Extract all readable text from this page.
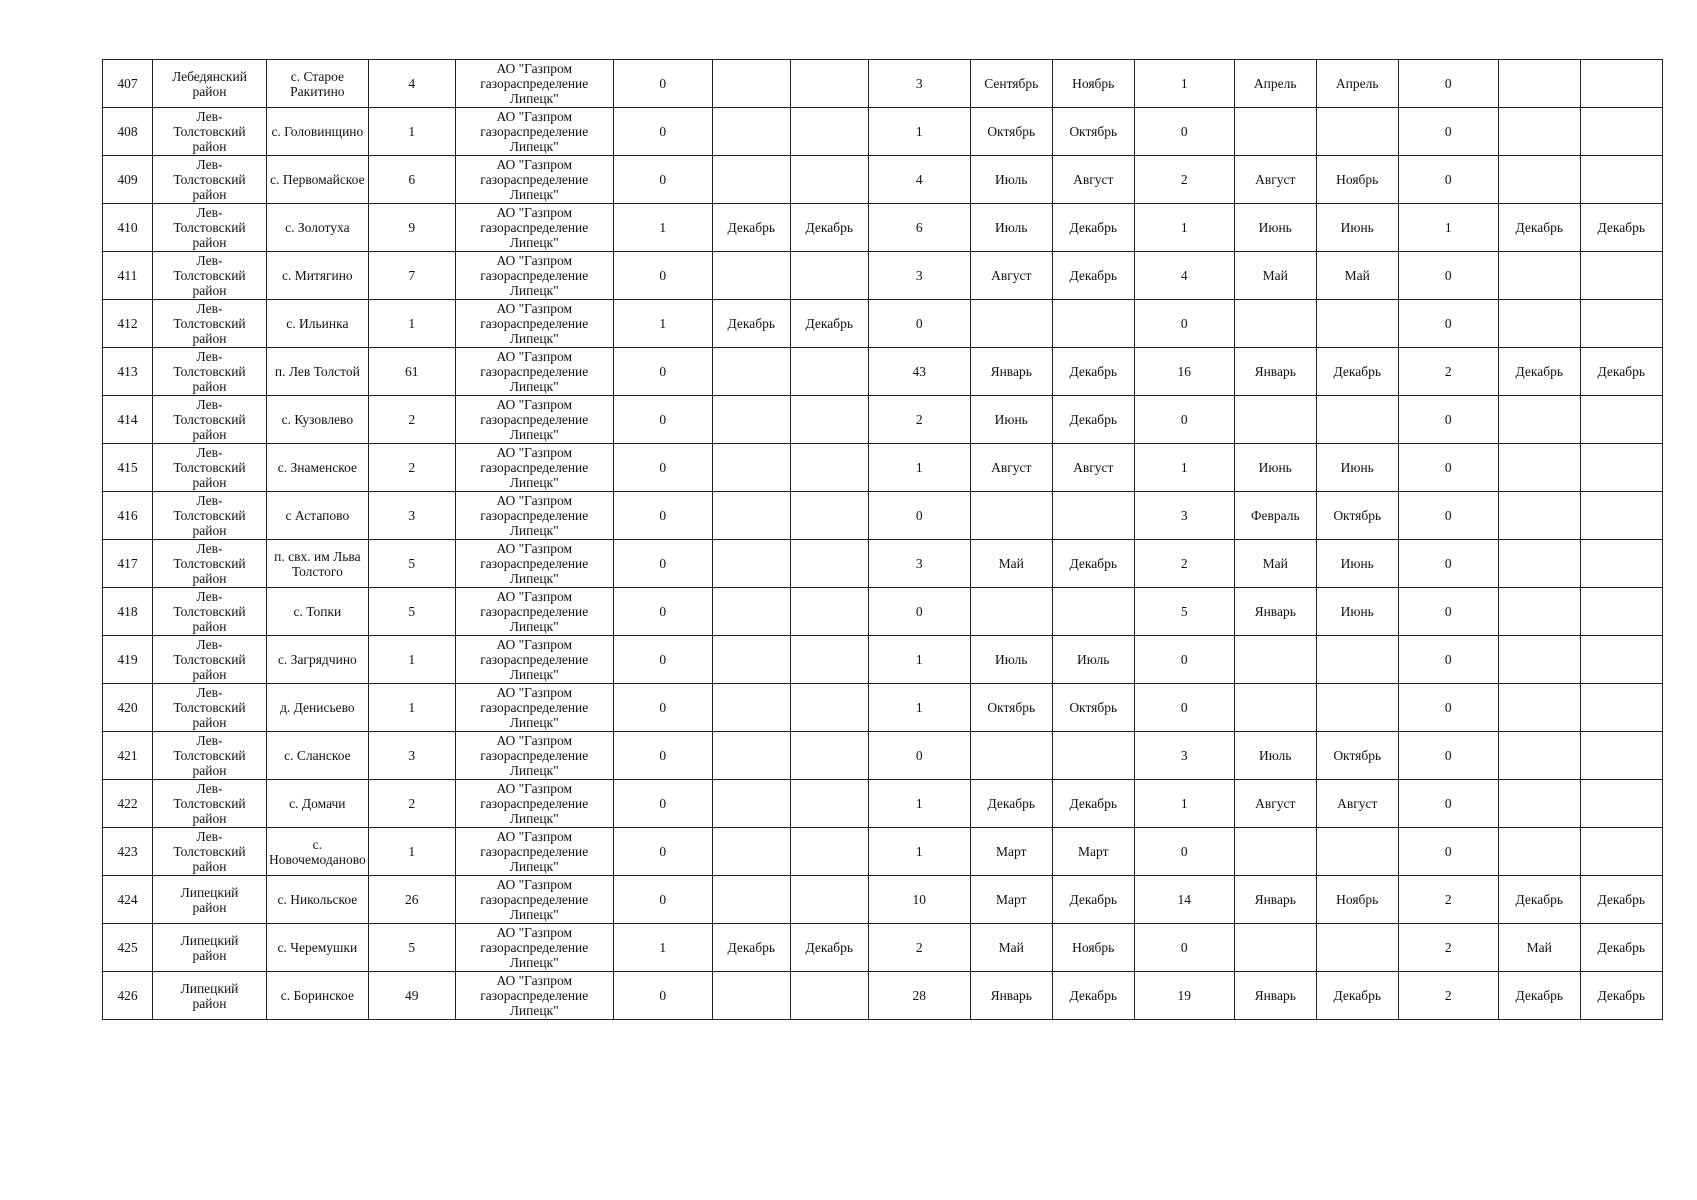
407	Лебедянский
район	с. Старое Ракитино	4	АО "Газпром
газораспределение
Липецк"	0			3	Сентябрь	Ноябрь	1	Апрель	Апрель	0		
408	Лев-
Толстовский
район	с. Головинщино	1	АО "Газпром
газораспределение
Липецк"	0			1	Октябрь	Октябрь	0			0		
409	Лев-
Толстовский
район	с. Первомайское	6	АО "Газпром
газораспределение
Липецк"	0			4	Июль	Август	2	Август	Ноябрь	0		
410	Лев-
Толстовский
район	с. Золотуха	9	АО "Газпром
газораспределение
Липецк"	1	Декабрь	Декабрь	6	Июль	Декабрь	1	Июнь	Июнь	1	Декабрь	Декабрь
411	Лев-
Толстовский
район	с. Митягино	7	АО "Газпром
газораспределение
Липецк"	0			3	Август	Декабрь	4	Май	Май	0		
412	Лев-
Толстовский
район	с. Ильинка	1	АО "Газпром
газораспределение
Липецк"	1	Декабрь	Декабрь	0			0			0		
413	Лев-
Толстовский
район	п. Лев Толстой	61	АО "Газпром
газораспределение
Липецк"	0			43	Январь	Декабрь	16	Январь	Декабрь	2	Декабрь	Декабрь
414	Лев-
Толстовский
район	с. Кузовлево	2	АО "Газпром
газораспределение
Липецк"	0			2	Июнь	Декабрь	0			0		
415	Лев-
Толстовский
район	с. Знаменское	2	АО "Газпром
газораспределение
Липецк"	0			1	Август	Август	1	Июнь	Июнь	0		
416	Лев-
Толстовский
район	с Астапово	3	АО "Газпром
газораспределение
Липецк"	0			0			3	Февраль	Октябрь	0		
417	Лев-
Толстовский
район	п. свх. им Льва Толстого	5	АО "Газпром
газораспределение
Липецк"	0			3	Май	Декабрь	2	Май	Июнь	0		
418	Лев-
Толстовский
район	с. Топки	5	АО "Газпром
газораспределение
Липецк"	0			0			5	Январь	Июнь	0		
419	Лев-
Толстовский
район	с. Загрядчино	1	АО "Газпром
газораспределение
Липецк"	0			1	Июль	Июль	0			0		
420	Лев-
Толстовский
район	д. Денисьево	1	АО "Газпром
газораспределение
Липецк"	0			1	Октябрь	Октябрь	0			0		
421	Лев-
Толстовский
район	с. Сланское	3	АО "Газпром
газораспределение
Липецк"	0			0			3	Июль	Октябрь	0		
422	Лев-
Толстовский
район	с. Домачи	2	АО "Газпром
газораспределение
Липецк"	0			1	Декабрь	Декабрь	1	Август	Август	0		
423	Лев-
Толстовский
район	с. Новочемоданово	1	АО "Газпром
газораспределение
Липецк"	0			1	Март	Март	0			0		
424	Липецкий
район	с. Никольское	26	АО "Газпром
газораспределение
Липецк"	0			10	Март	Декабрь	14	Январь	Ноябрь	2	Декабрь	Декабрь
425	Липецкий
район	с. Черемушки	5	АО "Газпром
газораспределение
Липецк"	1	Декабрь	Декабрь	2	Май	Ноябрь	0			2	Май	Декабрь
426	Липецкий
район	с. Боринское	49	АО "Газпром
газораспределение
Липецк"	0			28	Январь	Декабрь	19	Январь	Декабрь	2	Декабрь	Декабрь
